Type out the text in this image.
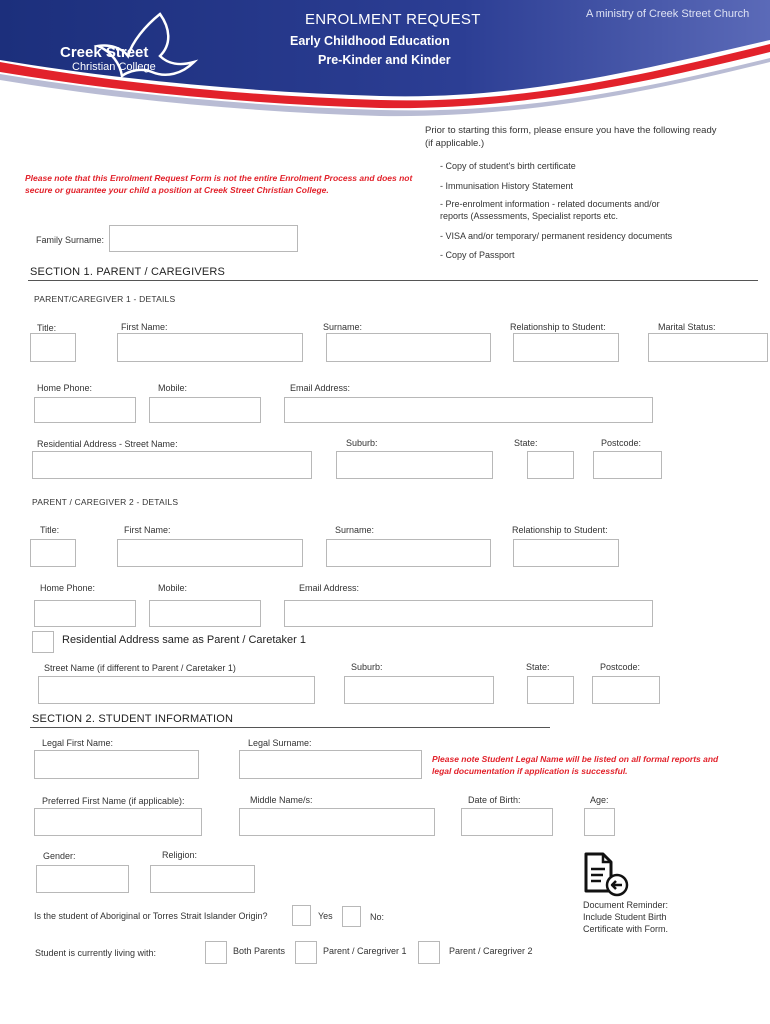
Creek Street
Christian College
ENROLMENT REQUEST
Early Childhood Education
Pre-Kinder and Kinder
A ministry of Creek Street Church
Prior to starting this form, please ensure you have the following ready (if applicable.)
- Copy of student's birth certificate
- Immunisation History Statement
- Pre-enrolment information - related documents and/or reports (Assessments, Specialist reports etc.
- VISA and/or temporary/ permanent residency documents
- Copy of Passport
Please note that this Enrolment Request Form is not the entire Enrolment Process and does not secure or guarantee your child a position at Creek Street Christian College.
Family Surname:
SECTION 1. PARENT / CAREGIVERS
PARENT/CAREGIVER 1 - DETAILS
Title:	First Name:	Surname:	Relationship to Student:	Marital Status:
Home Phone:	Mobile:	Email Address:
Residential Address - Street Name:	Suburb:	State:	Postcode:
PARENT / CAREGIVER 2 - DETAILS
Title:	First Name:	Surname:	Relationship to Student:
Home Phone:	Mobile:	Email Address:
Residential Address same as Parent / Caretaker 1
Street Name (if different to Parent / Caretaker 1)	Suburb:	State:	Postcode:
SECTION 2. STUDENT INFORMATION
Legal First Name:	Legal Surname:
Please note Student Legal Name will be listed on all formal reports and legal documentation if application is successful.
Preferred First Name (if applicable):	Middle Name/s:	Date of Birth:	Age:
Gender:	Religion:
Document Reminder:
Include Student Birth
Certificate with Form.
Is the student of Aboriginal or Torres Strait Islander Origin?	Yes	No:
Student is currently living with:	Both Parents	Parent / Caregriver 1	Parent / Caregriver 2
